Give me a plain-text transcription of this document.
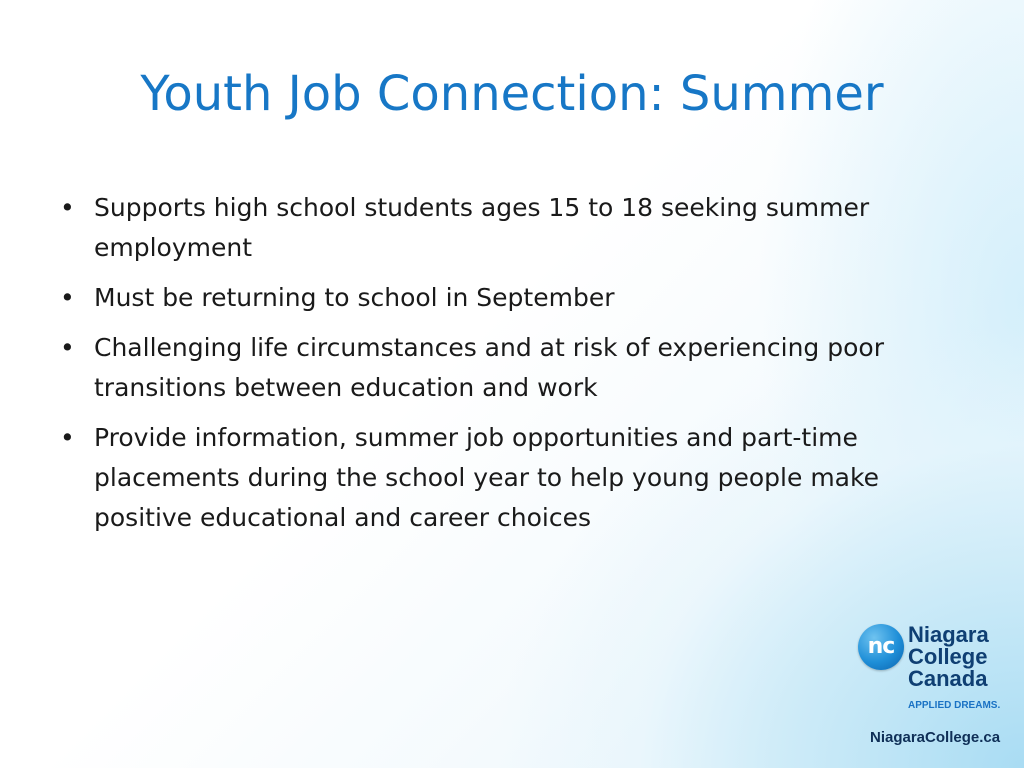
Youth Job Connection: Summer
• Supports high school students ages 15 to 18 seeking summer employment
• Must be returning to school in September
• Challenging life circumstances and at risk of experiencing poor transitions between education and work
• Provide information, summer job opportunities and part-time placements during the school year to help young people make positive educational and career choices
nc Niagara
College
Canada
APPLIED DREAMS.
NiagaraCollege.ca
